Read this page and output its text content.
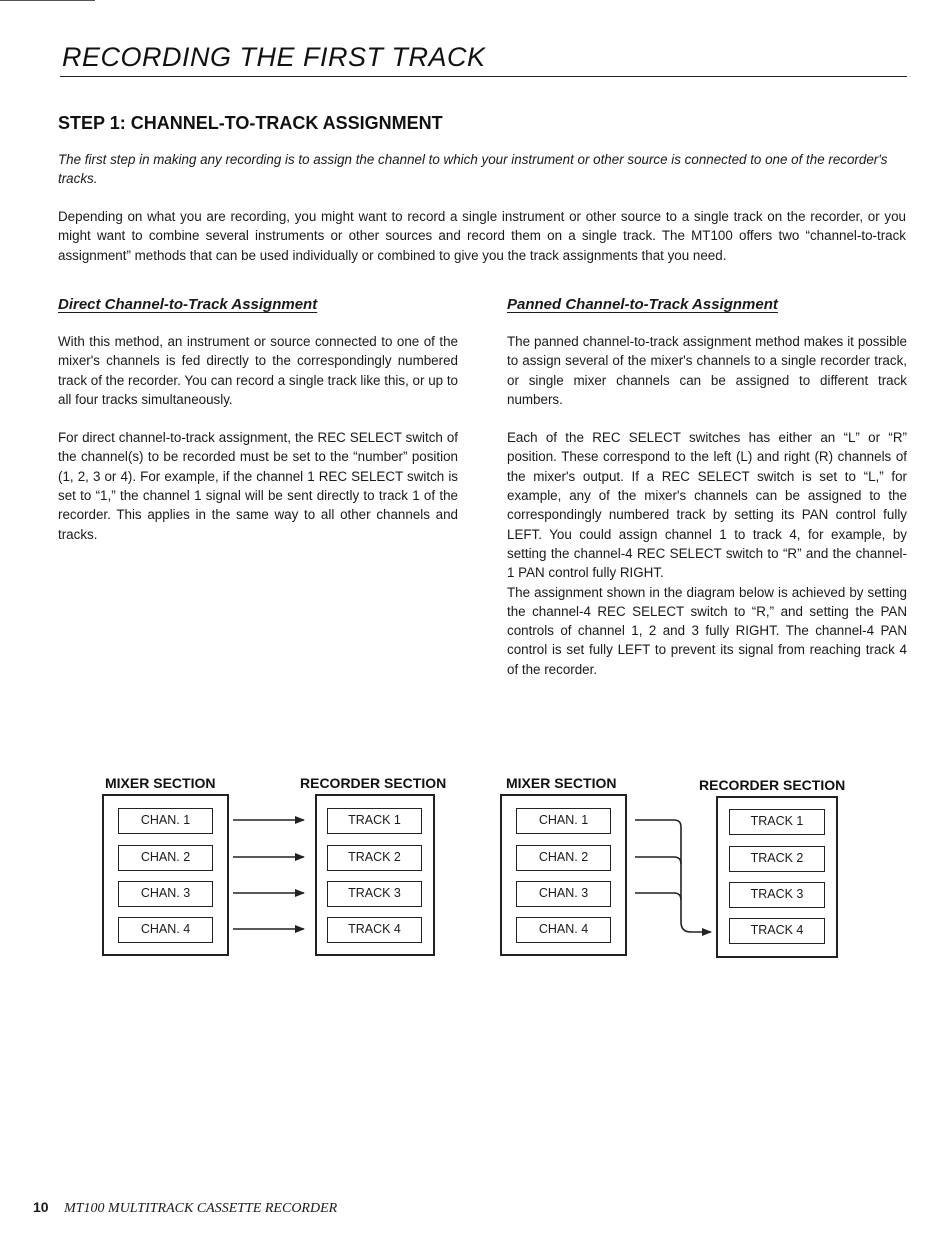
RECORDING THE FIRST TRACK
STEP 1: CHANNEL-TO-TRACK ASSIGNMENT

The first step in making any recording is to assign the channel to which your instrument or other source is connected to one of the recorder's tracks.

Depending on what you are recording, you might want to record a single instrument or other source to a single track on the recorder, or you might want to combine several instruments or other sources and record them on a single track. The MT100 offers two “channel-to-track assignment” methods that can be used individually or combined to give you the track assignments that you need.

Direct Channel-to-Track Assignment

With this method, an instrument or source connected to one of the mixer's channels is fed directly to the correspondingly numbered track of the recorder. You can record a single track like this, or up to all four tracks simultaneously.

For direct channel-to-track assignment, the REC SELECT switch of the channel(s) to be recorded must be set to the “number” position (1, 2, 3 or 4). For example, if the channel 1 REC SELECT switch is set to “1,” the channel 1 signal will be sent directly to track 1 of the recorder. This applies in the same way to all other channels and tracks.

Panned Channel-to-Track Assignment

The panned channel-to-track assignment method makes it possible to assign several of the mixer's channels to a single recorder track, or single mixer channels can be assigned to different track numbers.

Each of the REC SELECT switches has either an “L” or “R” position. These correspond to the left (L) and right (R) channels of the mixer's output. If a REC SELECT switch is set to “L,” for example, any of the mixer's channels can be assigned to the correspondingly numbered track by setting its PAN control fully LEFT. You could assign channel 1 to track 4, for example, by setting the channel-4 REC SELECT switch to “R” and the channel-1 PAN control fully RIGHT.

The assignment shown in the diagram below is achieved by setting the channel-4 REC SELECT switch to “R,” and setting the PAN controls of channel 1, 2 and 3 fully RIGHT. The channel-4 PAN control is set fully LEFT to prevent its signal from reaching track 4 of the recorder.

MIXER SECTION	RECORDER SECTION
CHAN. 1
CHAN. 2
CHAN. 3
CHAN. 4
TRACK 1
TRACK 2
TRACK 3
TRACK 4
MIXER SECTION	RECORDER SECTION
CHAN. 1
CHAN. 2
CHAN. 3
CHAN. 4
TRACK 1
TRACK 2
TRACK 3
TRACK 4
10 MT100 MULTITRACK CASSETTE RECORDER
